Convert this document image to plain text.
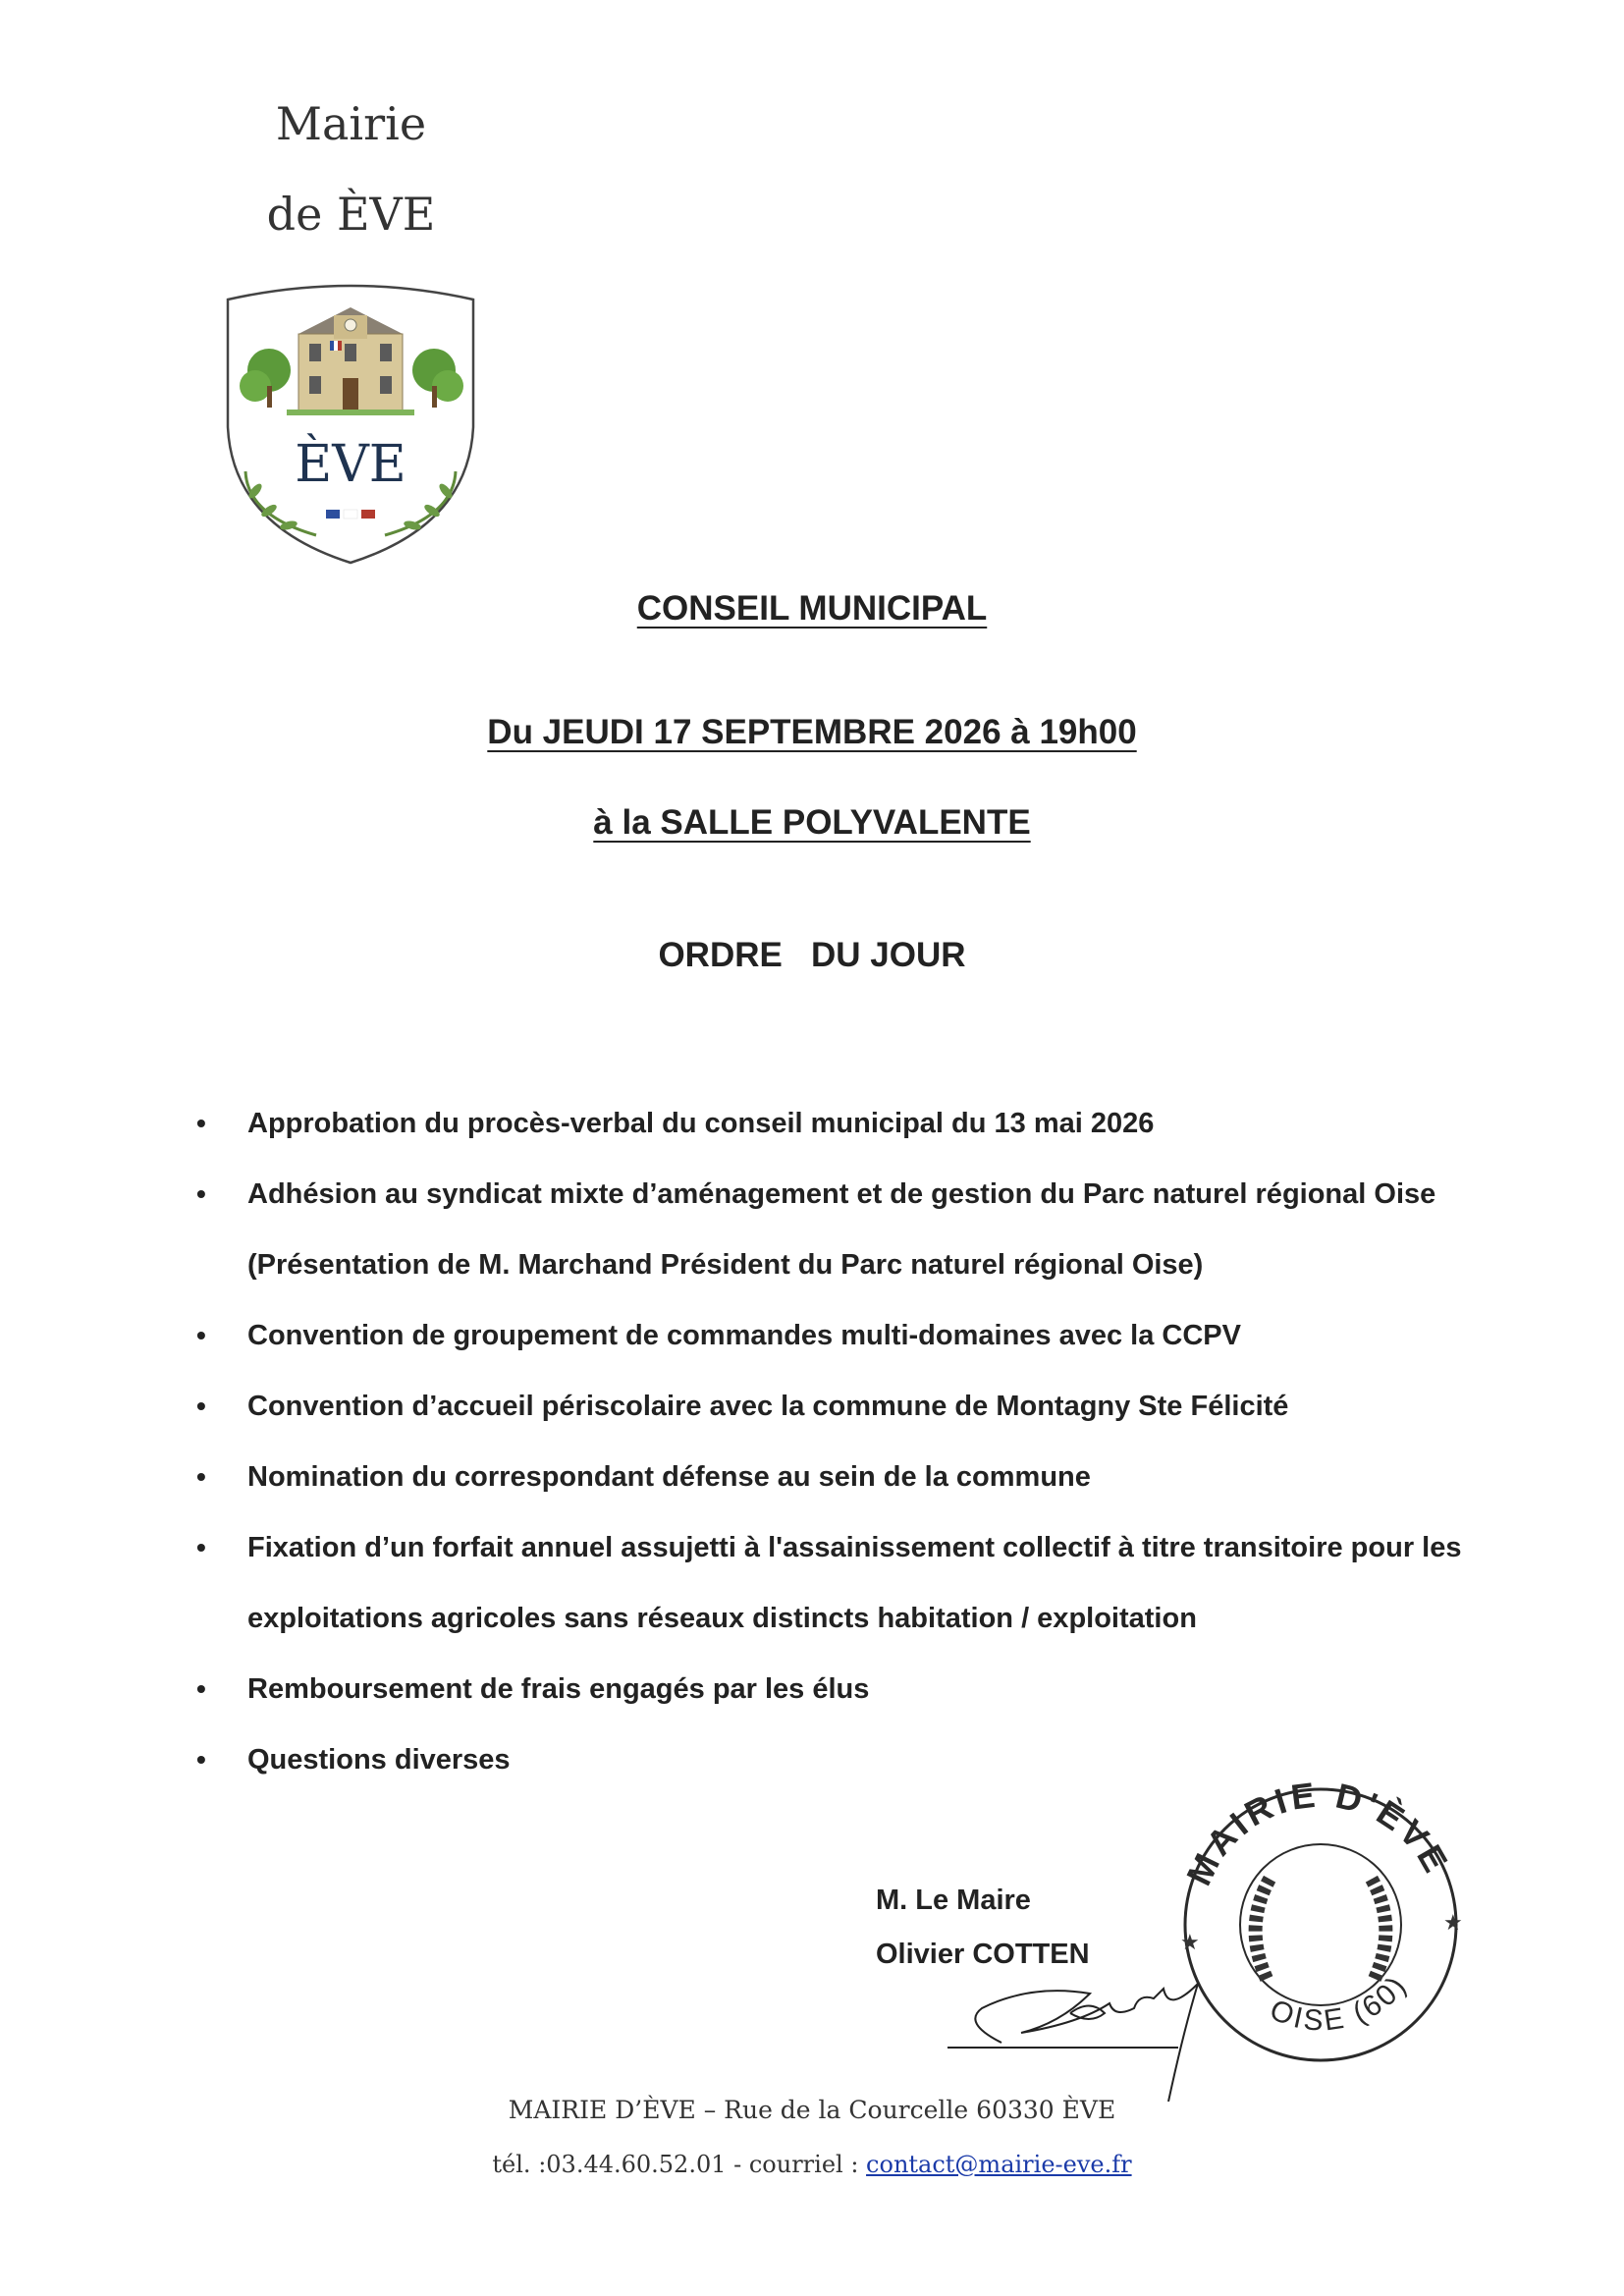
Mairie
de ÈVE
ÈVE
CONSEIL MUNICIPAL
Du JEUDI 17 SEPTEMBRE 2026 à 19h00
à la SALLE POLYVALENTE
ORDRE   DU JOUR
• Approbation du procès-verbal du conseil municipal du 13 mai 2026
• Adhésion au syndicat mixte d’aménagement et de gestion du Parc naturel régional Oise (Présentation de M. Marchand Président du Parc naturel régional Oise)
• Convention de groupement de commandes multi-domaines avec la CCPV
• Convention d’accueil périscolaire avec la commune de Montagny Ste Félicité
• Nomination du correspondant défense au sein de la commune
• Fixation d’un forfait annuel assujetti à l'assainissement collectif à titre transitoire pour les exploitations agricoles sans réseaux distincts habitation / exploitation
• Remboursement de frais engagés par les élus
• Questions diverses
M. Le Maire
Olivier COTTEN
MAIRIE D'ÈVE
OISE (60)
★
★
MAIRIE D’ÈVE – Rue de la Courcelle 60330 ÈVE
tél. :03.44.60.52.01 - courriel : contact@mairie-eve.fr
